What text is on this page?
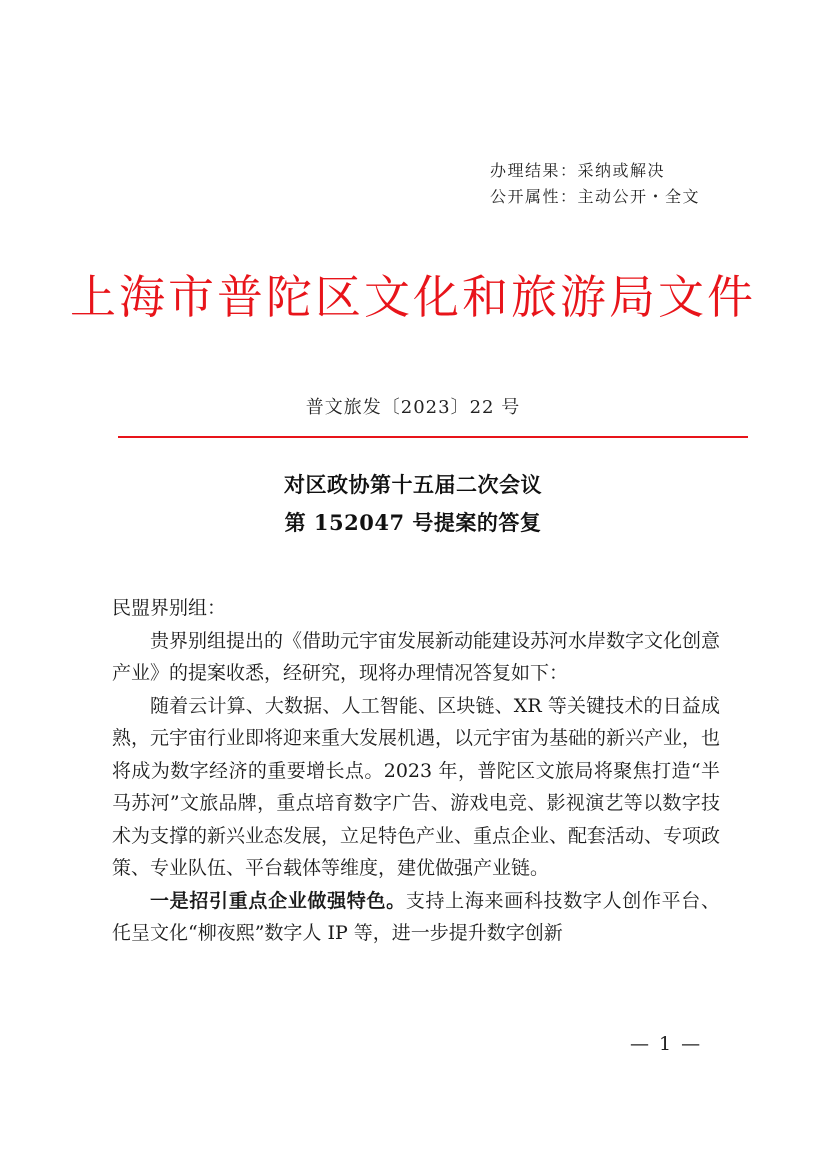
办理结果：采纳或解决
公开属性：主动公开・全文
上海市普陀区文化和旅游局文件
普文旅发〔2023〕22 号
对区政协第十五届二次会议
第 152047 号提案的答复

民盟界别组：

贵界别组提出的《借助元宇宙发展新动能建设苏河水岸数字文化创意产业》的提案收悉，经研究，现将办理情况答复如下：

随着云计算、大数据、人工智能、区块链、XR 等关键技术的日益成熟，元宇宙行业即将迎来重大发展机遇，以元宇宙为基础的新兴产业，也将成为数字经济的重要增长点。2023 年，普陀区文旅局将聚焦打造“半马苏河”文旅品牌，重点培育数字广告、游戏电竞、影视演艺等以数字技术为支撑的新兴业态发展，立足特色产业、重点企业、配套活动、专项政策、专业队伍、平台载体等维度，建优做强产业链。

一是招引重点企业做强特色。支持上海来画科技数字人创作平台、仛呈文化“柳夜熙”数字人 IP 等，进一步提升数字创新

— 1 —
